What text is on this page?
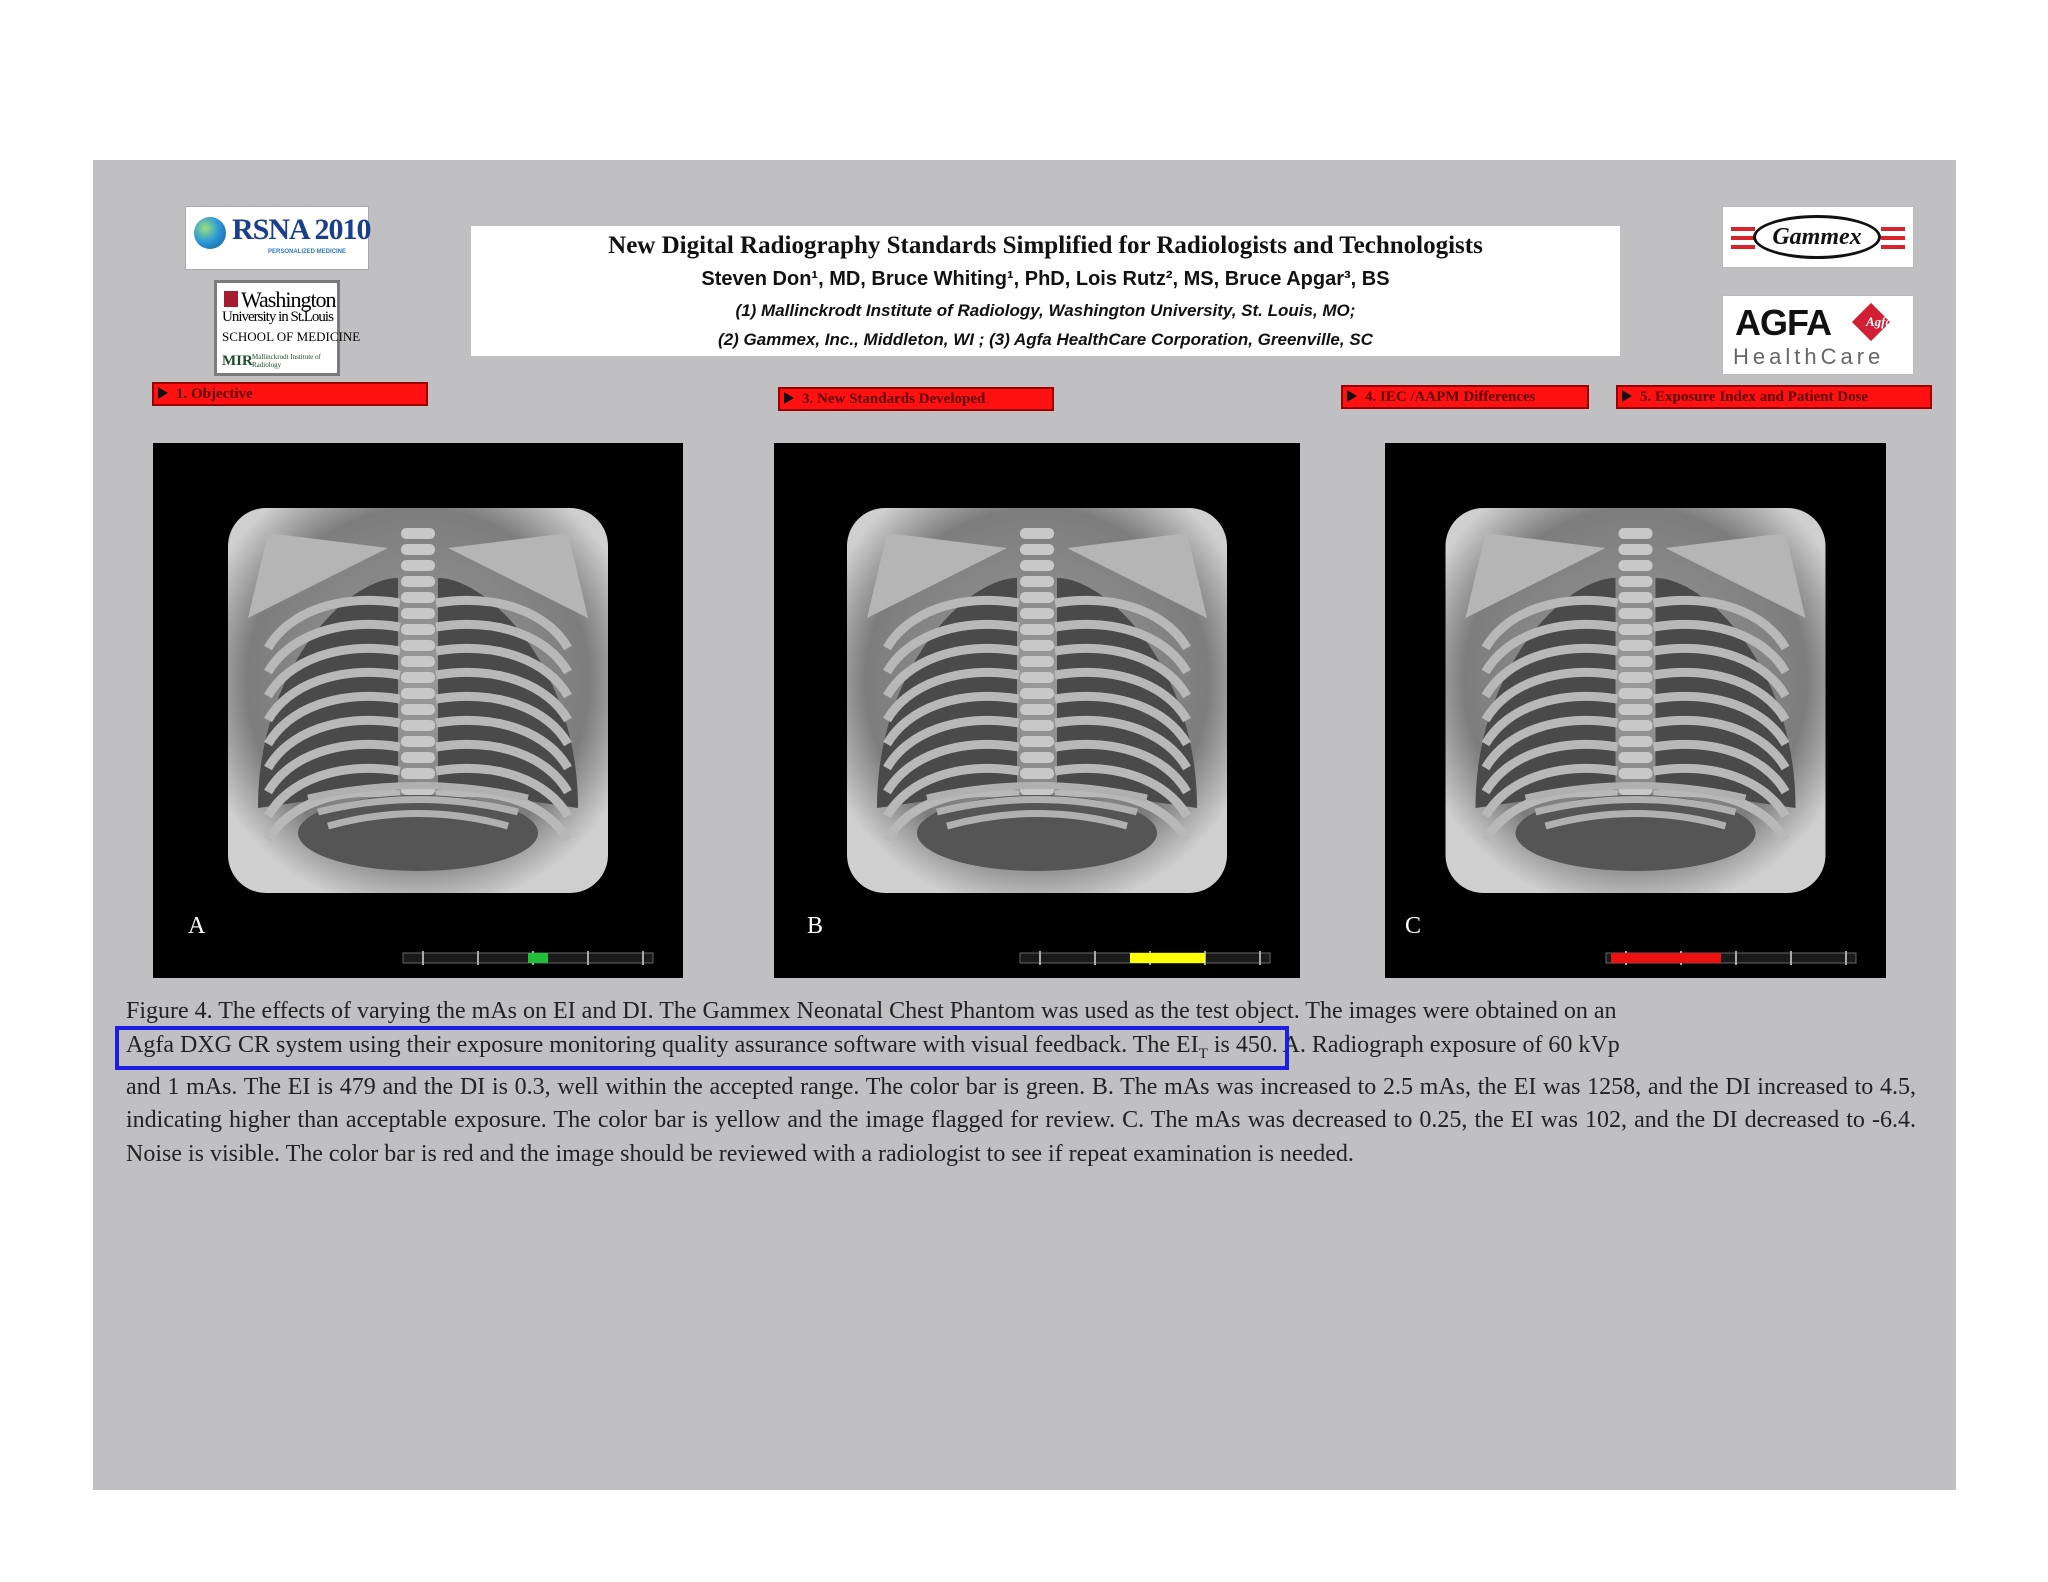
RSNA 2010
PERSONALIZED MEDICINE
Washington
University in St.Louis
SCHOOL OF MEDICINE
MIR Mallinckrodt Institute of Radiology
New Digital Radiography Standards Simplified for Radiologists and Technologists
Steven Don¹, MD, Bruce Whiting¹, PhD, Lois Rutz², MS, Bruce Apgar³, BS
(1) Mallinckrodt Institute of Radiology, Washington University, St. Louis, MO;
(2) Gammex, Inc., Middleton, WI ; (3) Agfa HealthCare Corporation, Greenville, SC
Gammex
AGFA	Agfa
HealthCare
1. Objective	3. New Standards Developed	4. IEC /AAPM Differences	5. Exposure Index and Patient Dose
A	B	C

Figure 4. The effects of varying the mAs on EI and DI. The Gammex Neonatal Chest Phantom was used as the test object. The images were obtained on an

Agfa DXG CR system using their exposure monitoring quality assurance software with visual feedback. The $EI_T$ is 450. A. Radiograph exposure of 60 kVp

and 1 mAs. The EI is 479 and the DI is 0.3, well within the accepted range. The color bar is green. B. The mAs was increased to 2.5 mAs, the EI was 1258, and the DI increased to 4.5, indicating higher than acceptable exposure. The color bar is yellow and the image flagged for review. C. The mAs was decreased to 0.25, the EI was 102, and the DI decreased to -6.4. Noise is visible. The color bar is red and the image should be reviewed with a radiologist to see if repeat examination is needed.
